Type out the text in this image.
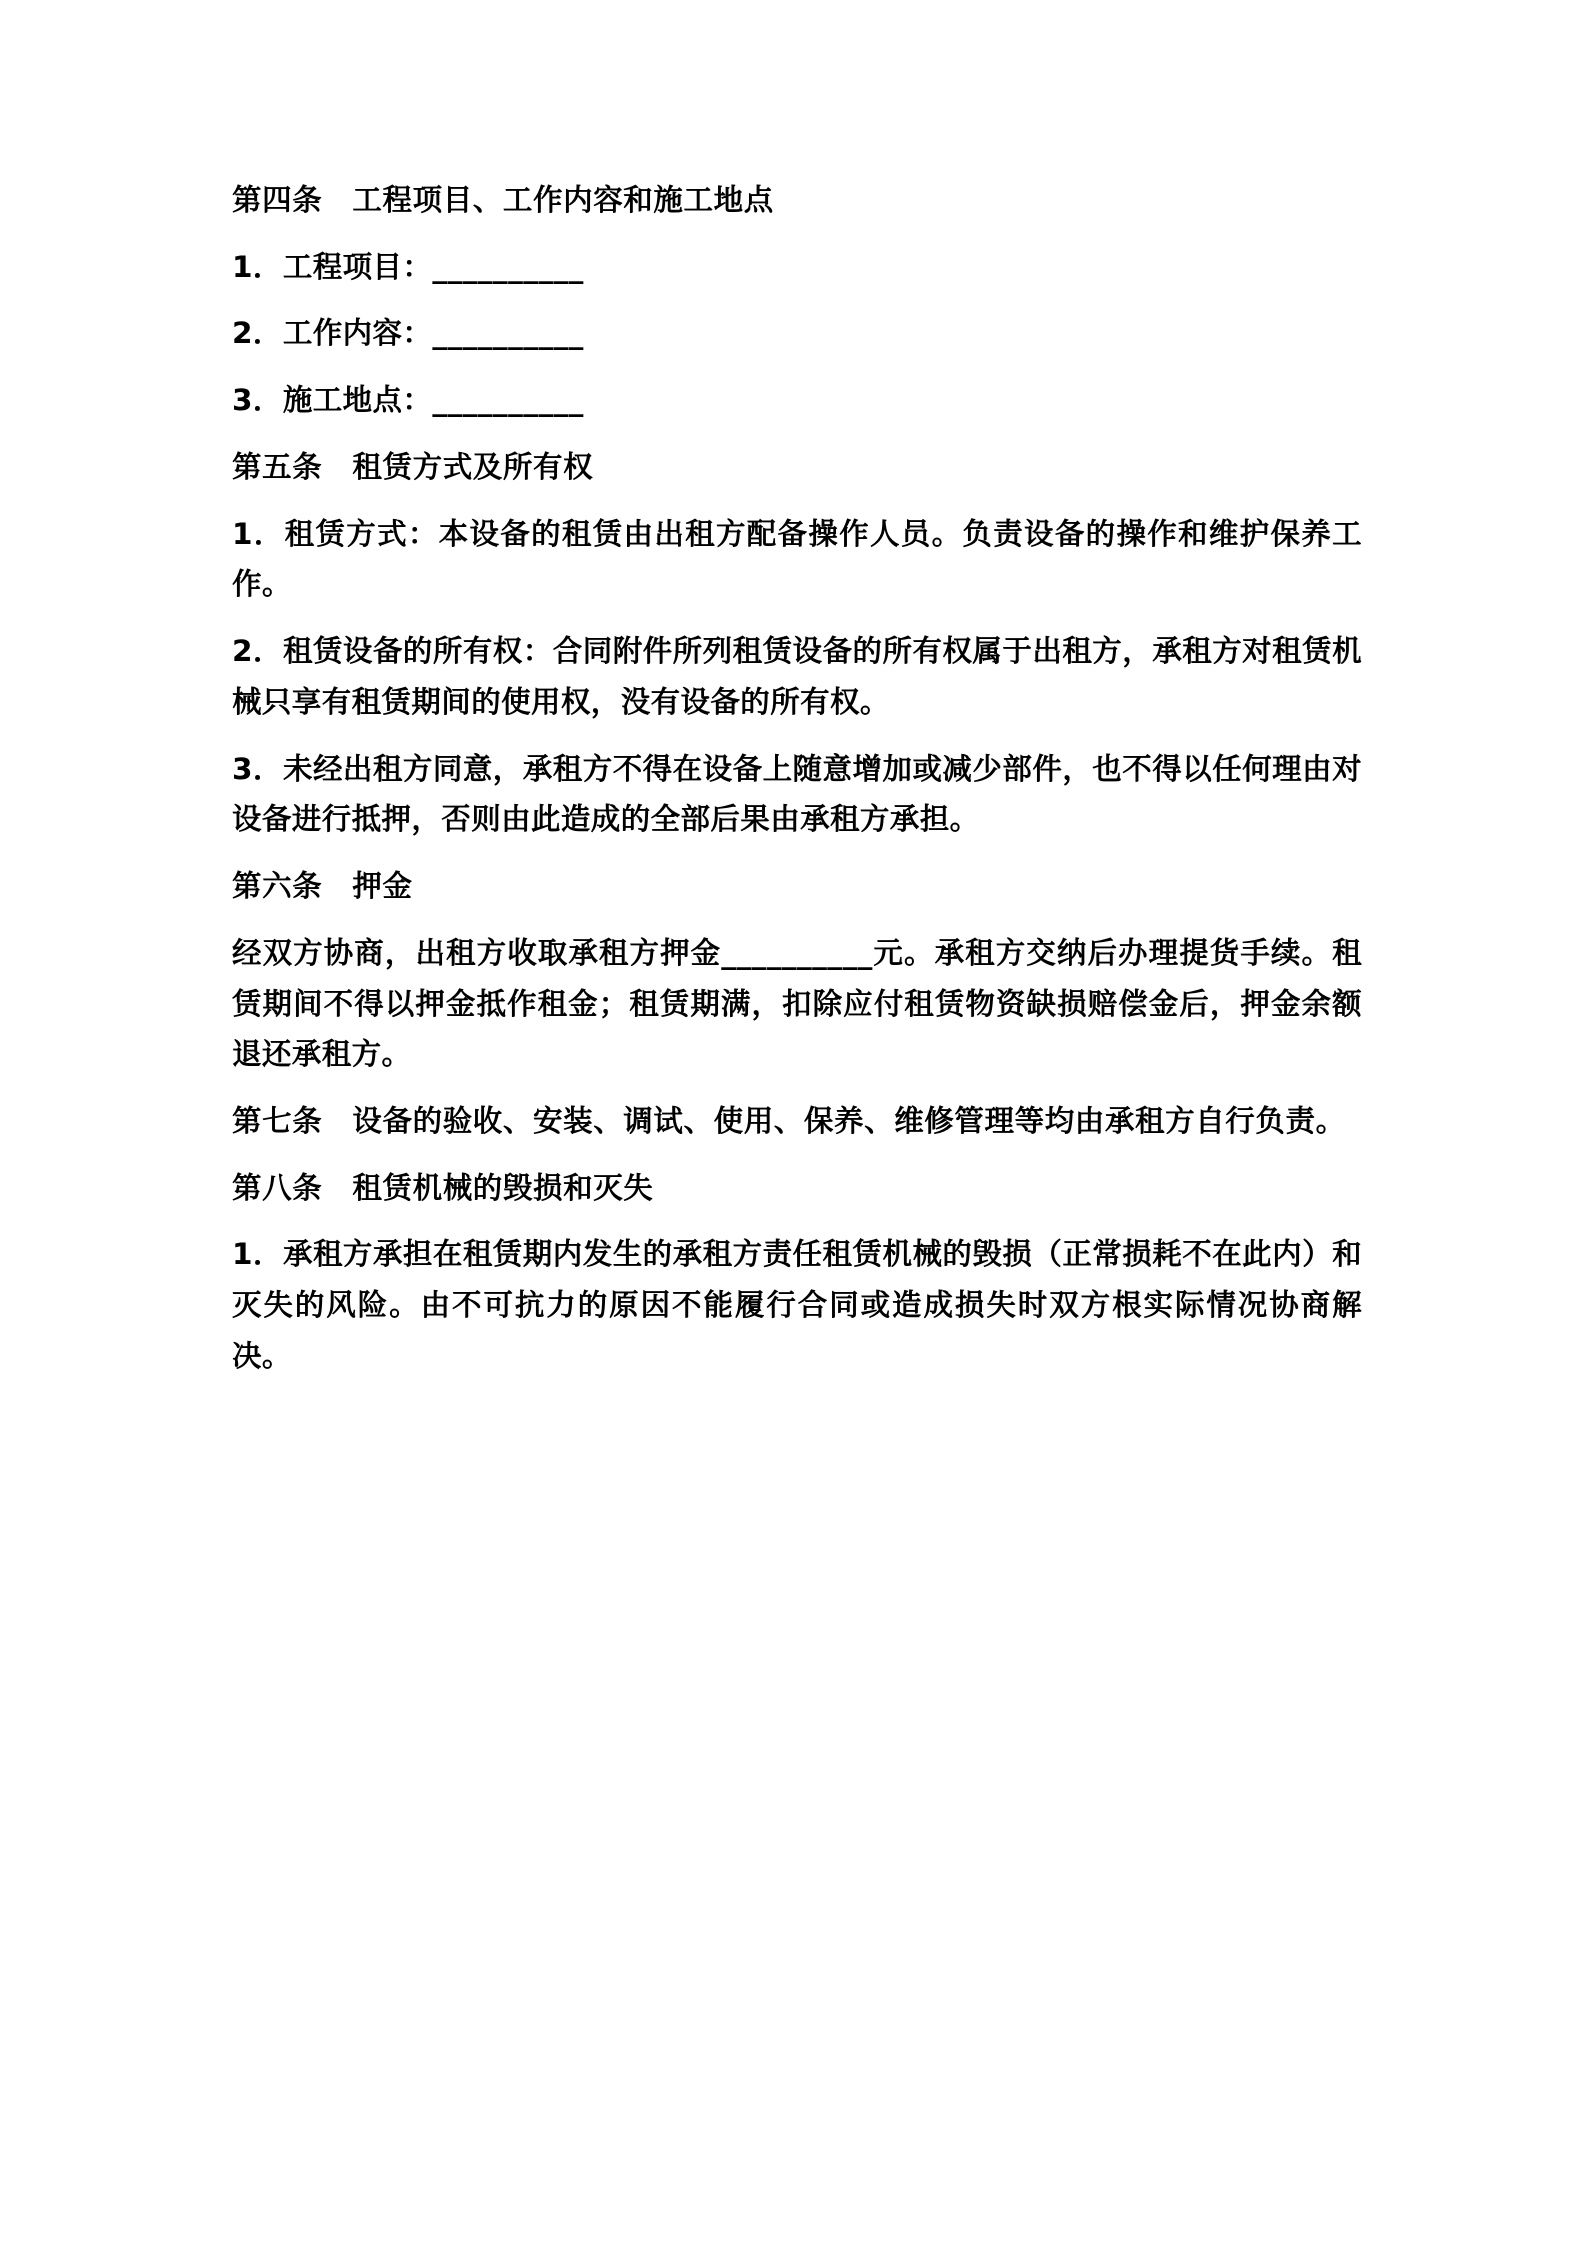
第四条　工程项目、工作内容和施工地点

1．工程项目：__________

2．工作内容：__________

3．施工地点：__________

第五条　租赁方式及所有权

1．租赁方式：本设备的租赁由出租方配备操作人员。负责设备的操作和维护保养工作。

2．租赁设备的所有权：合同附件所列租赁设备的所有权属于出租方，承租方对租赁机械只享有租赁期间的使用权，没有设备的所有权。

3．未经出租方同意，承租方不得在设备上随意增加或减少部件，也不得以任何理由对设备进行抵押，否则由此造成的全部后果由承租方承担。

第六条　押金

经双方协商，出租方收取承租方押金__________元。承租方交纳后办理提货手续。租赁期间不得以押金抵作租金；租赁期满，扣除应付租赁物资缺损赔偿金后，押金余额退还承租方。

第七条　设备的验收、安装、调试、使用、保养、维修管理等均由承租方自行负责。

第八条　租赁机械的毁损和灭失

1．承租方承担在租赁期内发生的承租方责任租赁机械的毁损（正常损耗不在此内）和灭失的风险。由不可抗力的原因不能履行合同或造成损失时双方根实际情况协商解决。
